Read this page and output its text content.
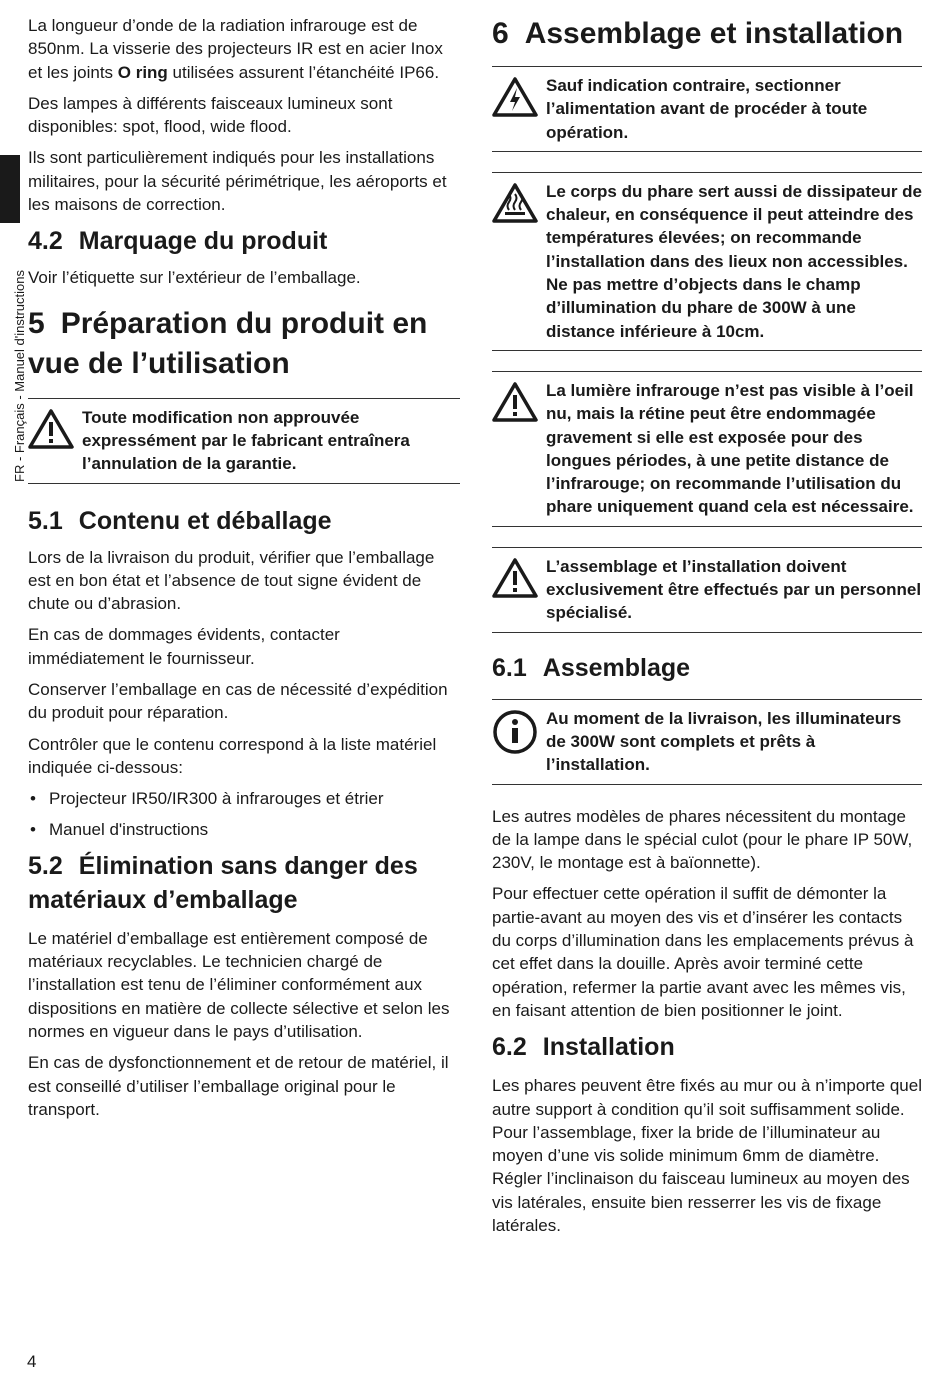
FR - Français - Manuel d'instructions

La longueur d’onde de la radiation infrarouge est de 850nm. La visserie des projecteurs IR est en acier Inox et les joints O ring utilisées assurent l’étanchéité IP66.

Des lampes à différents faisceaux lumineux sont disponibles: spot, flood, wide flood.

Ils sont particulièrement indiqués pour les installations militaires, pour la sécurité périmétrique, les aéroports et les maisons de correction.

4.2 Marquage du produit

Voir l’étiquette sur l’extérieur de l’emballage.

5 Préparation du produit en vue de l’utilisation
Toute modification non approuvée expressément par le fabricant entraînera l’annulation de la garantie.
5.1 Contenu et déballage

Lors de la livraison du produit, vérifier que l’emballage est en bon état et l’absence de tout signe évident de chute ou d’abrasion.

En cas de dommages évidents, contacter immédiatement le fournisseur.

Conserver l’emballage en cas de nécessité d’expédition du produit pour réparation.

Contrôler que le contenu correspond à la liste matériel indiquée ci-dessous:

• Projecteur IR50/IR300 à infrarouges et étrier
• Manuel d'instructions
5.2 Élimination sans danger des matériaux d’emballage

Le matériel d’emballage est entièrement composé de matériaux recyclables. Le technicien chargé de l’installation est tenu de l’éliminer conformément aux dispositions en matière de collecte sélective et selon les normes en vigueur dans le pays d’utilisation.

En cas de dysfonctionnement et de retour de matériel, il est conseillé d’utiliser l’emballage original pour le transport.

6 Assemblage et installation
Sauf indication contraire, sectionner l’alimentation avant de procéder à toute opération.
Le corps du phare sert aussi de dissipateur de chaleur, en conséquence il peut atteindre des températures élevées; on recommande l’installation dans des lieux non accessibles. Ne pas mettre d’objects dans le champ d’illumination du phare de 300W à une distance inférieure à 10cm.
La lumière infrarouge n’est pas visible à l’oeil nu, mais la rétine peut être endommagée gravement si elle est exposée pour des longues périodes, à une petite distance de l’infrarouge; on recommande l’utilisation du phare uniquement quand cela est nécessaire.
L’assemblage et l’installation doivent exclusivement être effectués par un personnel spécialisé.
6.1 Assemblage
Au moment de la livraison, les illuminateurs de 300W sont complets et prêts à l’installation.

Les autres modèles de phares nécessitent du montage de la lampe dans le spécial culot (pour le phare IP 50W, 230V, le montage est à baïonnette).

Pour effectuer cette opération il suffit de démonter la partie-avant au moyen des vis et d’insérer les contacts du corps d’illumination dans les emplacements prévus à cet effet dans la douille. Après avoir terminé cette opération, refermer la partie avant avec les mêmes vis, en faisant attention de bien positionner le joint.

6.2 Installation

Les phares peuvent être fixés au mur ou à n’importe quel autre support à condition qu’il soit suffisamment solide. Pour l’assemblage, fixer la bride de l’illuminateur au moyen d’une vis solide minimum 6mm de diamètre. Régler l’inclinaison du faisceau lumineux au moyen des vis latérales, ensuite bien resserrer les vis de fixage latérales.

4
